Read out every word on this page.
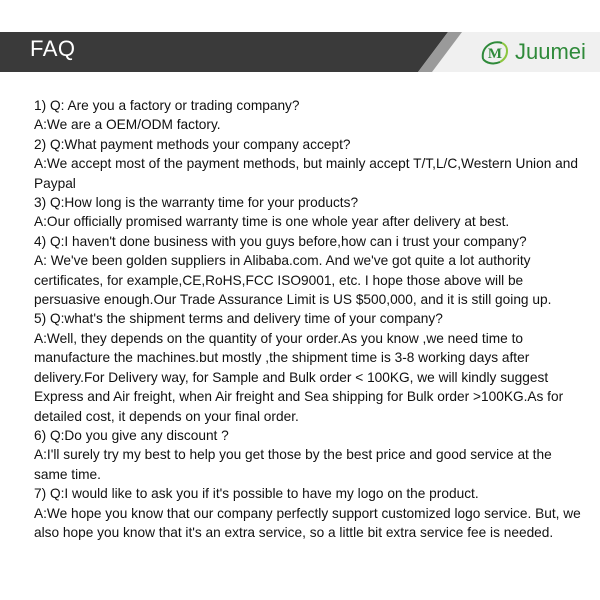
FAQ	M Juumei

1) Q: Are you a factory or trading company?

A:We are a OEM/ODM factory.

2) Q:What payment methods your company accept?

A:We accept most of the payment methods, but mainly accept T/T,L/C,Western Union and Paypal

3) Q:How long is the warranty time for your products?

A:Our officially promised warranty time is one whole year after delivery at best.

4) Q:I haven't done business with you guys before,how can i trust your company?

A: We've been golden suppliers in Alibaba.com. And we've got quite a lot authority certificates, for example,CE,RoHS,FCC ISO9001, etc. I hope those above will be persuasive enough.Our Trade Assurance Limit is US $500,000, and it is still going up.

5) Q:what's the shipment terms and delivery time of your company?

A:Well, they depends on the quantity of your order.As you know ,we need time to manufacture the machines.but mostly ,the shipment time is 3-8 working days after delivery.For Delivery way, for Sample and Bulk order < 100KG, we will kindly suggest Express and Air freight, when Air freight and Sea shipping for Bulk order >100KG.As for detailed cost, it depends on your final order.

6) Q:Do you give any discount ?

A:I'll surely try my best to help you get those by the best price and good service at the same time.

7) Q:I would like to ask you if it's possible to have my logo on the product.

A:We hope you know that our company perfectly support customized logo service. But, we also hope you know that it's an extra service, so a little bit extra service fee is needed.
